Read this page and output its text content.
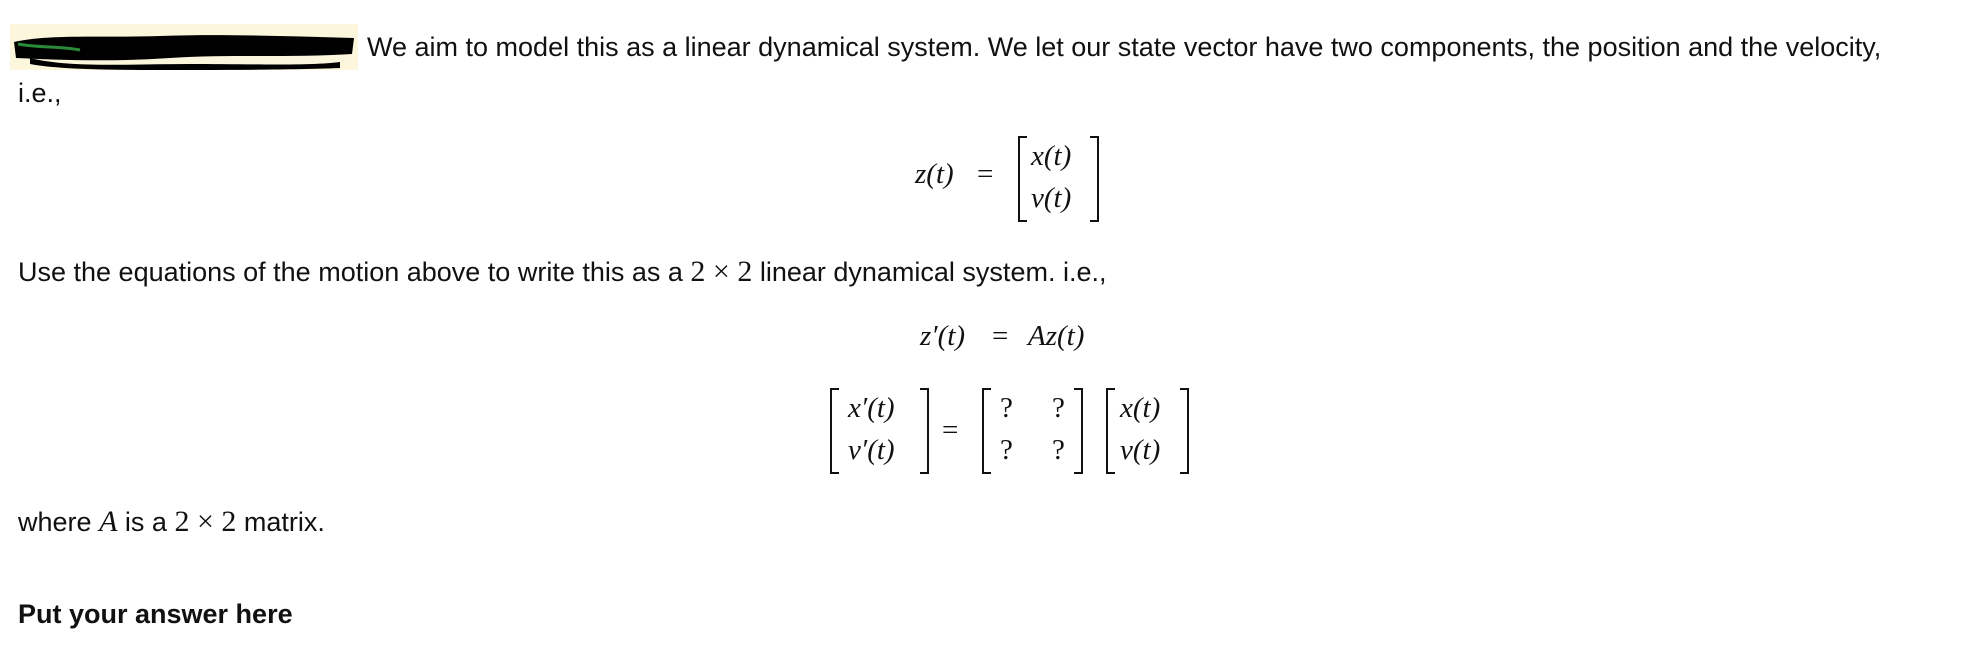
We aim to model this as a linear dynamical system. We let our state vector have two components, the position and the velocity,
i.e.,
z(t) =
x(t)
v(t)
Use the equations of the motion above to write this as a 2 × 2 linear dynamical system. i.e.,
z′(t) = Az(t)
x′(t)
v′(t)
=
? ?
? ?
x(t)
v(t)
where A is a 2 × 2 matrix.
Put your answer here
